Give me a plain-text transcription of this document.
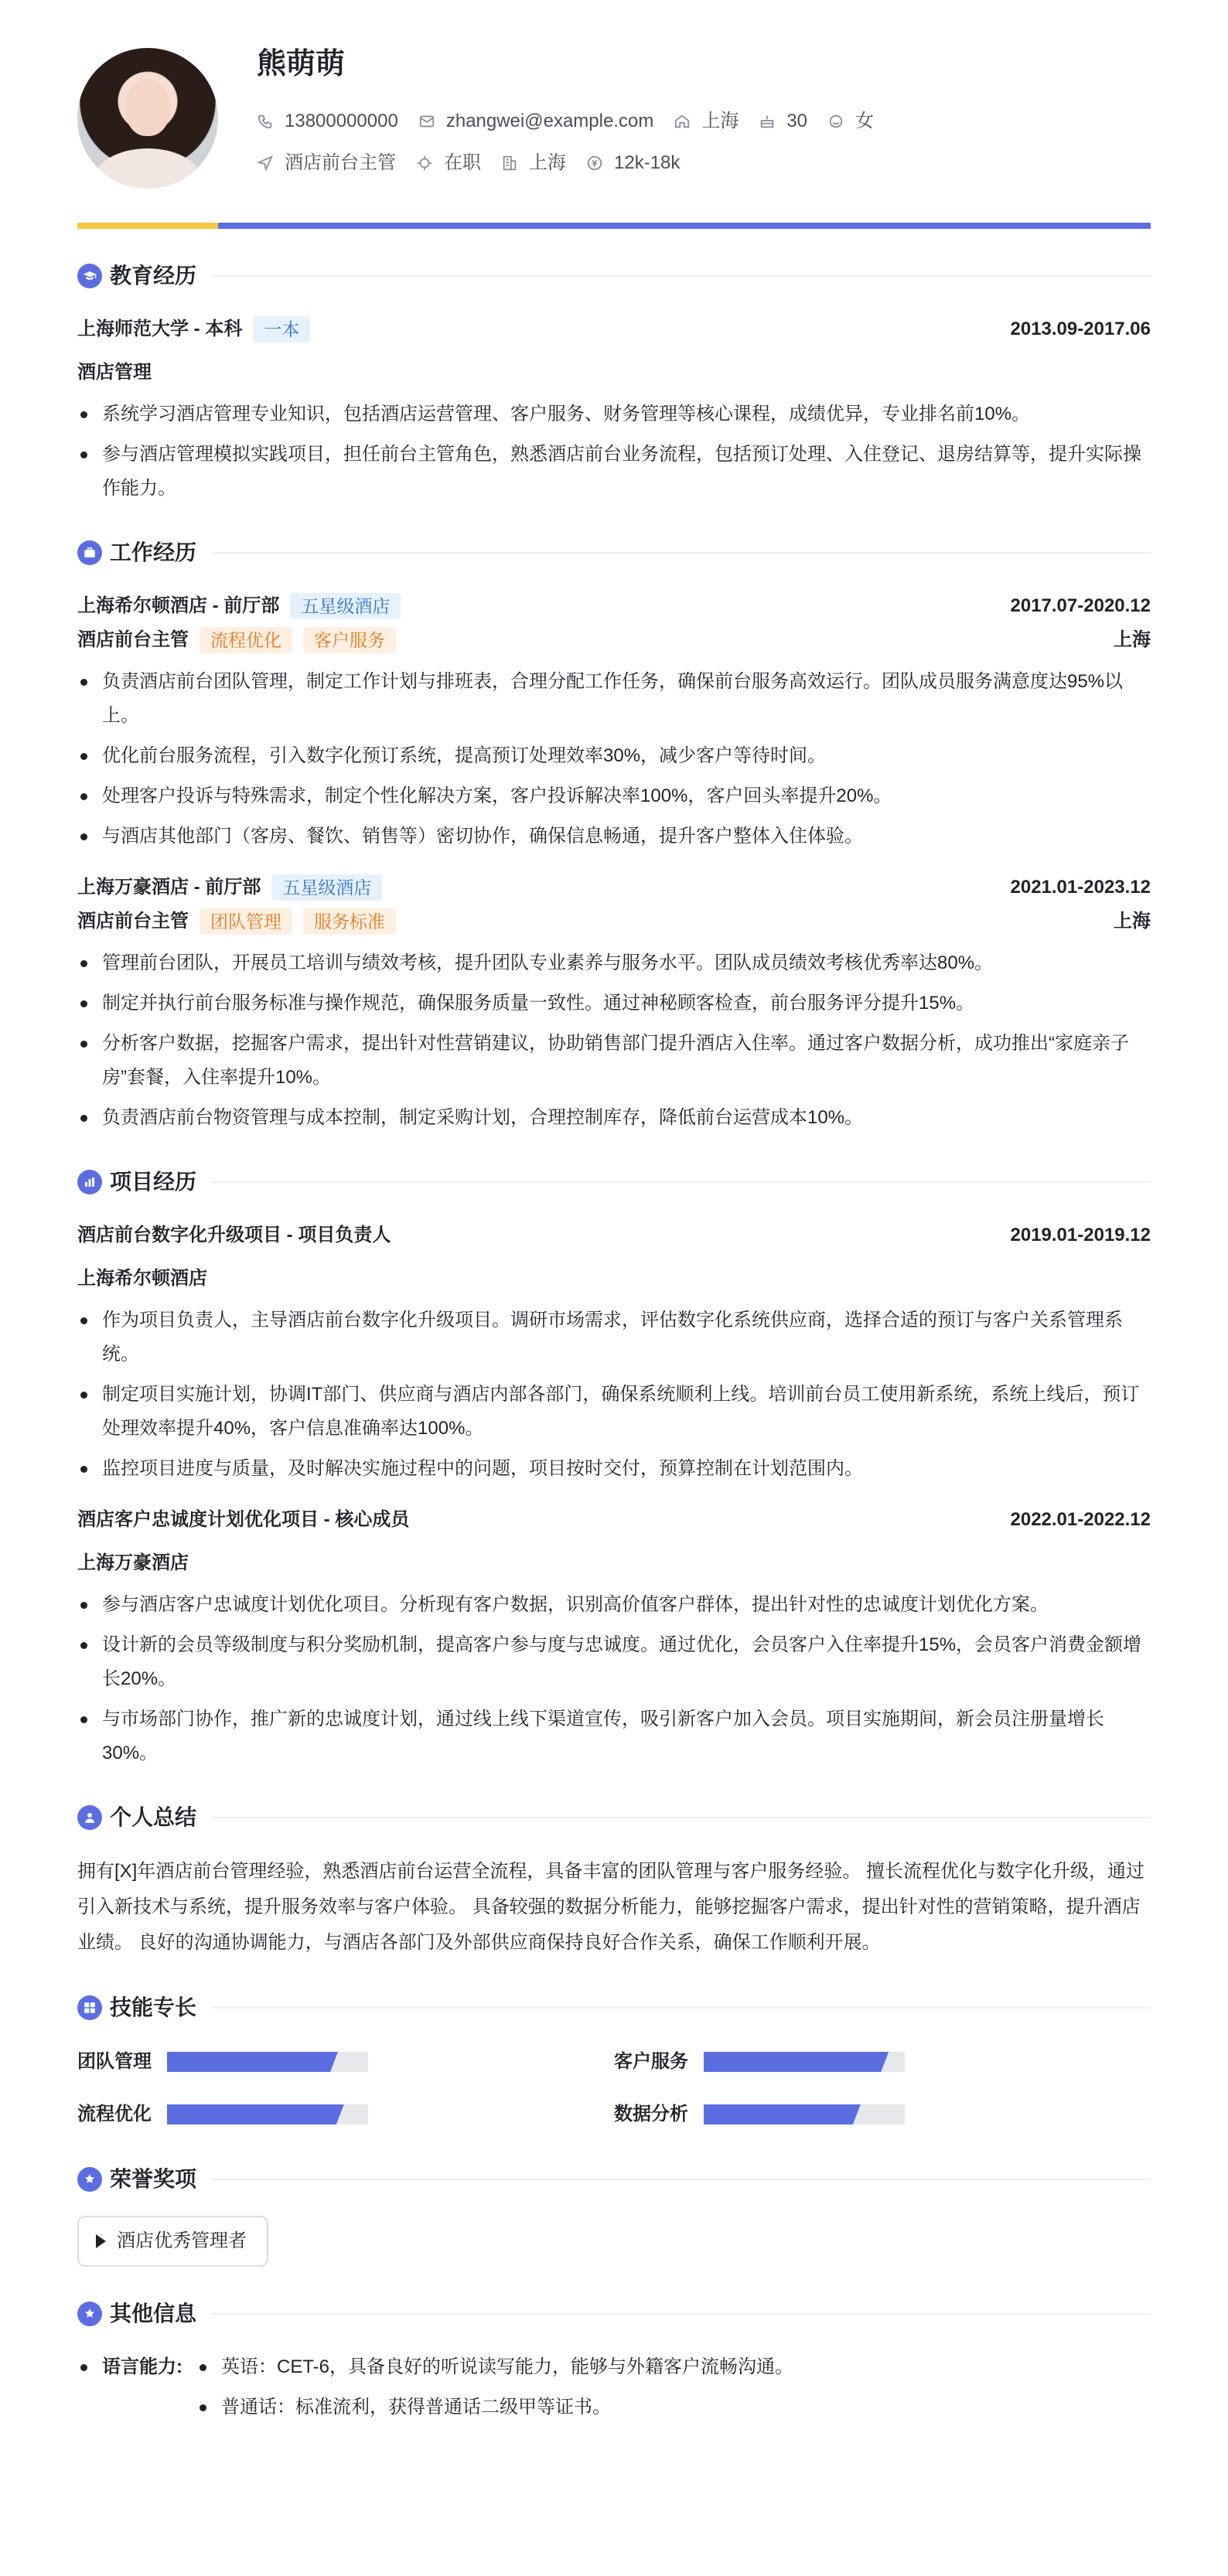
熊萌萌
13800000000	zhangwei@example.com	上海	30	女
酒店前台主管	在职	上海	12k-18k
教育经历
上海师范大学 - 本科	一本	2013.09-2017.06
酒店管理
系统学习酒店管理专业知识，包括酒店运营管理、客户服务、财务管理等核心课程，成绩优异，专业排名前10%。
参与酒店管理模拟实践项目，担任前台主管角色，熟悉酒店前台业务流程，包括预订处理、入住登记、退房结算等，提升实际操作能力。
工作经历
上海希尔顿酒店 - 前厅部	五星级酒店	2017.07-2020.12
酒店前台主管	流程优化	客户服务	上海
负责酒店前台团队管理，制定工作计划与排班表，合理分配工作任务，确保前台服务高效运行。团队成员服务满意度达95%以上。
优化前台服务流程，引入数字化预订系统，提高预订处理效率30%，减少客户等待时间。
处理客户投诉与特殊需求，制定个性化解决方案，客户投诉解决率100%，客户回头率提升20%。
与酒店其他部门（客房、餐饮、销售等）密切协作，确保信息畅通，提升客户整体入住体验。
上海万豪酒店 - 前厅部	五星级酒店	2021.01-2023.12
酒店前台主管	团队管理	服务标准	上海
管理前台团队，开展员工培训与绩效考核，提升团队专业素养与服务水平。团队成员绩效考核优秀率达80%。
制定并执行前台服务标准与操作规范，确保服务质量一致性。通过神秘顾客检查，前台服务评分提升15%。
分析客户数据，挖掘客户需求，提出针对性营销建议，协助销售部门提升酒店入住率。通过客户数据分析，成功推出“家庭亲子房”套餐，入住率提升10%。
负责酒店前台物资管理与成本控制，制定采购计划，合理控制库存，降低前台运营成本10%。
项目经历
酒店前台数字化升级项目 - 项目负责人	2019.01-2019.12
上海希尔顿酒店
作为项目负责人，主导酒店前台数字化升级项目。调研市场需求，评估数字化系统供应商，选择合适的预订与客户关系管理系统。
制定项目实施计划，协调IT部门、供应商与酒店内部各部门，确保系统顺利上线。培训前台员工使用新系统，系统上线后，预订处理效率提升40%，客户信息准确率达100%。
监控项目进度与质量，及时解决实施过程中的问题，项目按时交付，预算控制在计划范围内。
酒店客户忠诚度计划优化项目 - 核心成员	2022.01-2022.12
上海万豪酒店
参与酒店客户忠诚度计划优化项目。分析现有客户数据，识别高价值客户群体，提出针对性的忠诚度计划优化方案。
设计新的会员等级制度与积分奖励机制，提高客户参与度与忠诚度。通过优化，会员客户入住率提升15%，会员客户消费金额增长20%。
与市场部门协作，推广新的忠诚度计划，通过线上线下渠道宣传，吸引新客户加入会员。项目实施期间，新会员注册量增长30%。
个人总结

拥有[X]年酒店前台管理经验，熟悉酒店前台运营全流程，具备丰富的团队管理与客户服务经验。 擅长流程优化与数字化升级，通过引入新技术与系统，提升服务效率与客户体验。 具备较强的数据分析能力，能够挖掘客户需求，提出针对性的营销策略，提升酒店业绩。 良好的沟通协调能力，与酒店各部门及外部供应商保持良好合作关系，确保工作顺利开展。

技能专长
团队管理	客户服务
流程优化	数据分析
荣誉奖项
酒店优秀管理者
其他信息
语言能力:	英语：CET-6，具备良好的听说读写能力，能够与外籍客户流畅沟通。
普通话：标准流利，获得普通话二级甲等证书。
